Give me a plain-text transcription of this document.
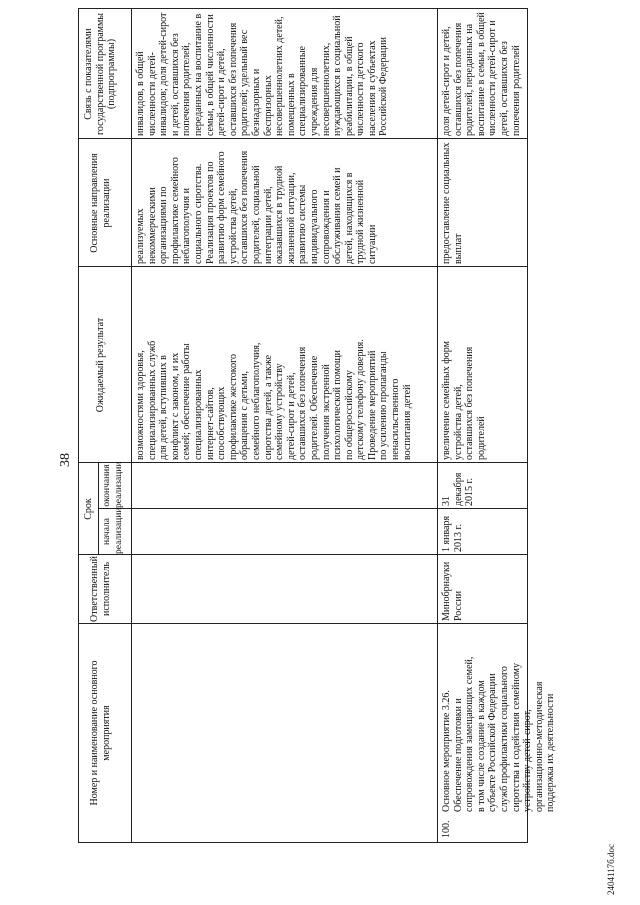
38
2404117б.doc
Номер и наименование основного
мероприятия
Ответственный
исполнитель
Срок
начала
реализации
окончания
реализации
Ожидаемый результат
Основные направления
реализации
Связь с показателями
государственной программы
(подпрограммы)
возможностями здоровья,
специализированных служб
для детей, вступивших в
конфликт с законом, и их
семей; обеспечение работы
специализированных
интернет-сайтов,
способствующих
профилактике жестокого
обращения с детьми,
семейного неблагополучия,
сиротства детей, а также
семейному устройству
детей-сирот и детей,
оставшихся без попечения
родителей. Обеспечение
получения экстренной
психологической помощи
по общероссийскому
детскому телефону доверия.
Проведение мероприятий
по усилению пропаганды
ненасильственного
воспитания детей
реализуемых
некоммерческими
организациями по
профилактике семейного
неблагополучия и
социального сиротства.
Реализация проектов по
развитию форм семейного
устройства детей,
оставшихся без попечения
родителей, социальной
интеграции детей,
оказавшихся в трудной
жизненной ситуации,
развитию системы
индивидуального
сопровождения и
обслуживания семей и
детей, находящихся в
трудной жизненной
ситуации
инвалидов, в общей
численности детей-
инвалидов; доля детей-сирот
и детей, оставшихся без
попечения родителей,
переданных на воспитание в
семьи, в общей численности
детей-сирот и детей,
оставшихся без попечения
родителей; удельный вес
безнадзорных и
беспризорных
несовершеннолетних детей,
помещенных в
специализированные
учреждения для
несовершеннолетних,
нуждающихся в социальной
реабилитации, в общей
численности детского
населения в субъектах
Российской Федерации
100.
Основное мероприятие 3.26.
Обеспечение подготовки и
сопровождения замещающих семей,
в том числе создание в каждом
субъекте Российской Федерации
служб профилактики социального
сиротства и содействия семейному
устройству детей-сирот,
организационно-методическая
поддержка их деятельности
Минобрнауки России
1 января
2013 г.
31 декабря
2015 г.
увеличение семейных форм
устройства детей,
оставшихся без попечения
родителей
предоставление социальных
выплат
доля детей-сирот и детей,
оставшихся без попечения
родителей, переданных на
воспитание в семьи, в общей
численности детей-сирот и
детей, оставшихся без
попечения родителей
